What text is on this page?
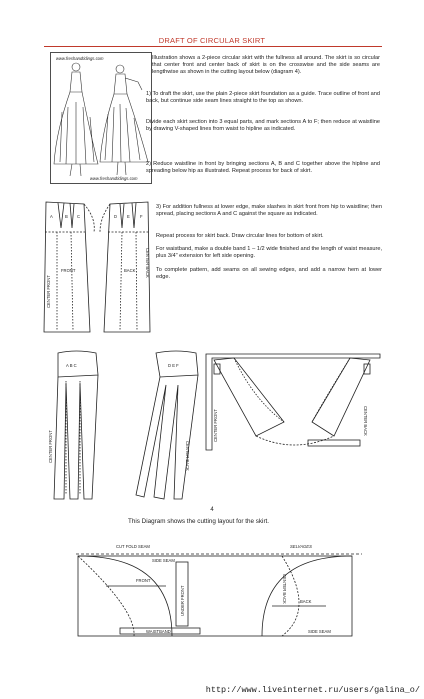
DRAFT OF CIRCULAR SKIRT
www.freshandtidings.com
www.freshandtidings.com
Illustration shows a 2-piece circular skirt with the fullness all around. The skirt is so circular that center front and center back of skirt is on the crosswise and the side seams are lengthwise as shown in the cutting layout below (diagram 4).
1) To draft the skirt, use the plain 2-piece skirt foundation as a guide. Trace outline of front and back, but continue side seam lines straight to the top as shown.
Divide each skirt section into 3 equal parts, and mark sections A to F; then reduce at waistline by drawing V-shaped lines from waist to hipline as indicated.
2) Reduce waistline in front by bringing sections A, B and C together above the hipline and spreading below hip as illustrated. Repeat process for back of skirt.
A	B C	D E F
CENTER FRONT
FRONT	BACK CENTER BACK
3) For addition fullness at lower edge, make slashes in skirt front from hip to waistline; then spread, placing sections A and C against the square as indicated.
Repeat process for skirt back. Draw circular lines for bottom of skirt.
For waistband, make a double band 1 – 1/2 wide finished and the length of waist measure, plus 3/4" extension for left side opening.
To complete pattern, add seams on all sewing edges, and add a narrow hem at lower edge.
A B C	D E F
CENTER FRONT	CENTER BACK
CENTER BACK
CENTER FRONT
4
This Diagram shows the cutting layout for the skirt.
CUT FOLD SEAM	SELVAGES
SIDE SEAM
FRONT
UNDER FRONT	CENTER BACK	BACK
WAISTBAND	SIDE SEAM
http://www.liveinternet.ru/users/galina_o/
